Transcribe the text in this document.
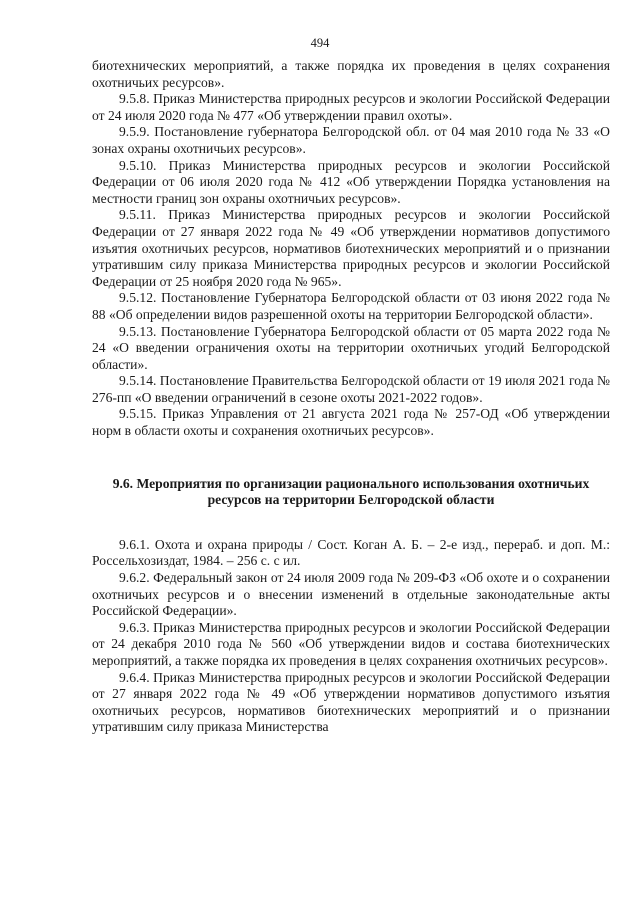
494

биотехнических мероприятий, а также порядка их проведения в целях сохранения охотничьих ресурсов».

9.5.8. Приказ Министерства природных ресурсов и экологии Российской Федерации от 24 июля 2020 года № 477 «Об утверждении правил охоты».

9.5.9. Постановление губернатора Белгородской обл. от 04 мая 2010 года № 33 «О зонах охраны охотничьих ресурсов».

9.5.10. Приказ Министерства природных ресурсов и экологии Российской Федерации от 06 июля 2020 года № 412 «Об утверждении Порядка установления на местности границ зон охраны охотничьих ресурсов».

9.5.11. Приказ Министерства природных ресурсов и экологии Российской Федерации от 27 января 2022 года № 49 «Об утверждении нормативов допустимого изъятия охотничьих ресурсов, нормативов биотехнических мероприятий и о признании утратившим силу приказа Министерства природных ресурсов и экологии Российской Федерации от 25 ноября 2020 года № 965».

9.5.12. Постановление Губернатора Белгородской области от 03 июня 2022 года № 88 «Об определении видов разрешенной охоты на территории Белгородской области».

9.5.13. Постановление Губернатора Белгородской области от 05 марта 2022 года № 24 «О введении ограничения охоты на территории охотничьих угодий Белгородской области».

9.5.14. Постановление Правительства Белгородской области от 19 июля 2021 года № 276-пп «О введении ограничений в сезоне охоты 2021-2022 годов».

9.5.15. Приказ Управления от 21 августа 2021 года № 257-ОД «Об утверждении норм в области охоты и сохранения охотничьих ресурсов».

9.6. Мероприятия по организации рационального использования охотничьих ресурсов на территории Белгородской области

9.6.1. Охота и охрана природы / Сост. Коган А. Б. – 2-е изд., перераб. и доп. М.: Россельхозиздат, 1984. – 256 с. с ил.

9.6.2. Федеральный закон от 24 июля 2009 года № 209-ФЗ «Об охоте и о сохранении охотничьих ресурсов и о внесении изменений в отдельные законодательные акты Российской Федерации».

9.6.3. Приказ Министерства природных ресурсов и экологии Российской Федерации от 24 декабря 2010 года № 560 «Об утверждении видов и состава биотехнических мероприятий, а также порядка их проведения в целях сохранения охотничьих ресурсов».

9.6.4. Приказ Министерства природных ресурсов и экологии Российской Федерации от 27 января 2022 года № 49 «Об утверждении нормативов допустимого изъятия охотничьих ресурсов, нормативов биотехнических мероприятий и о признании утратившим силу приказа Министерства
